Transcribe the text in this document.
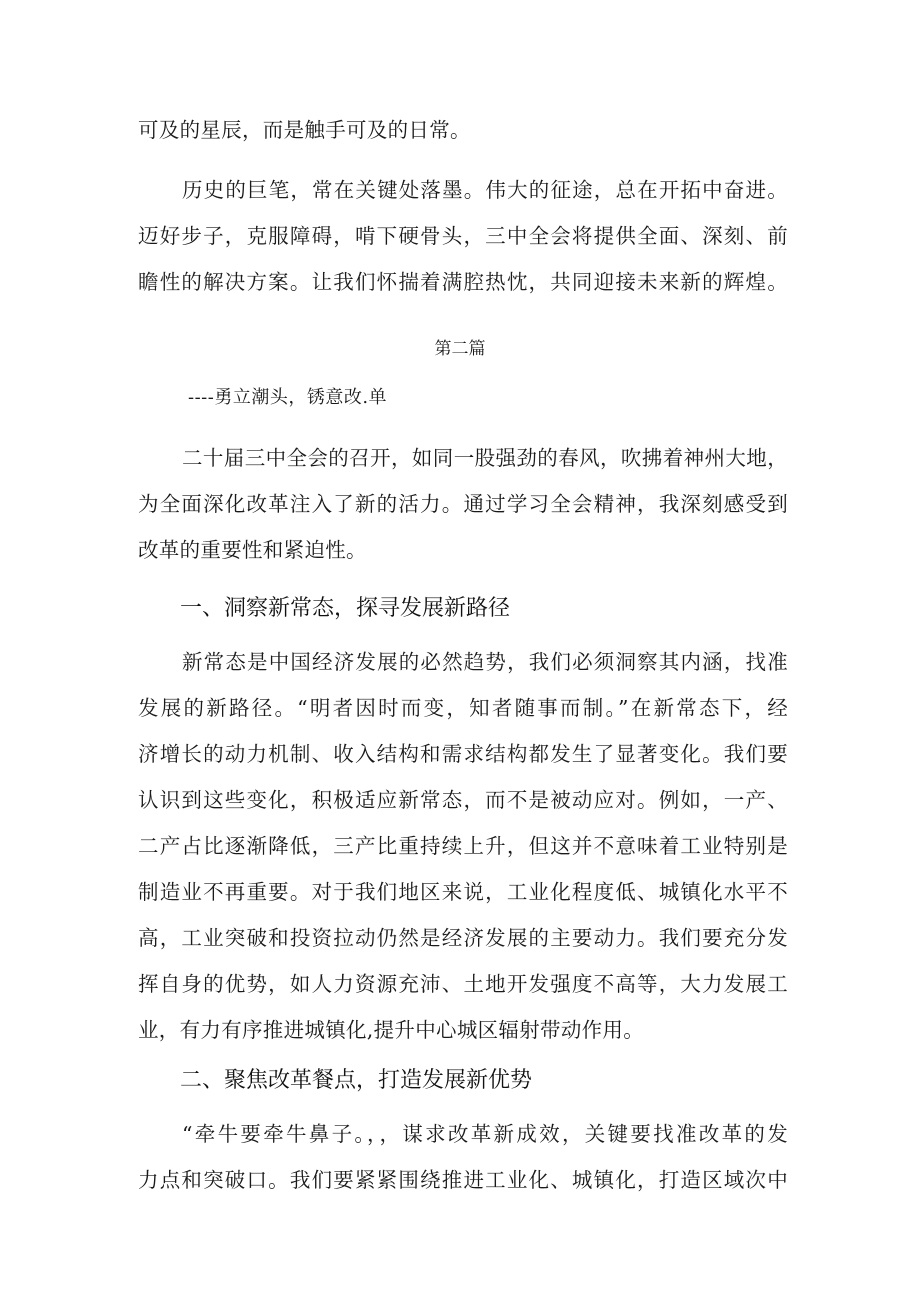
可及的星辰，而是触手可及的日常。
历史的巨笔，常在关键处落墨。伟大的征途，总在开拓中奋进。
迈好步子，克服障碍，啃下硬骨头，三中全会将提供全面、深刻、前
瞻性的解决方案。让我们怀揣着满腔热忱，共同迎接未来新的辉煌。
第二篇
----勇立潮头，锈意改.单
二十届三中全会的召开，如同一股强劲的春风，吹拂着神州大地，
为全面深化改革注入了新的活力。通过学习全会精神，我深刻感受到
改革的重要性和紧迫性。
一、洞察新常态，探寻发展新路径
新常态是中国经济发展的必然趋势，我们必须洞察其内涵，找准
发展的新路径。“明者因时而变，知者随事而制。”在新常态下，经
济增长的动力机制、收入结构和需求结构都发生了显著变化。我们要
认识到这些变化，积极适应新常态，而不是被动应对。例如，一产、
二产占比逐渐降低，三产比重持续上升，但这并不意味着工业特别是
制造业不再重要。对于我们地区来说，工业化程度低、城镇化水平不
高，工业突破和投资拉动仍然是经济发展的主要动力。我们要充分发
挥自身的优势，如人力资源充沛、土地开发强度不高等，大力发展工
业，有力有序推进城镇化,提升中心城区辐射带动作用。
二、聚焦改革餐点，打造发展新优势
“牵牛要牵牛鼻子。，，谋求改革新成效，关键要找准改革的发
力点和突破口。我们要紧紧围绕推进工业化、城镇化，打造区域次中
